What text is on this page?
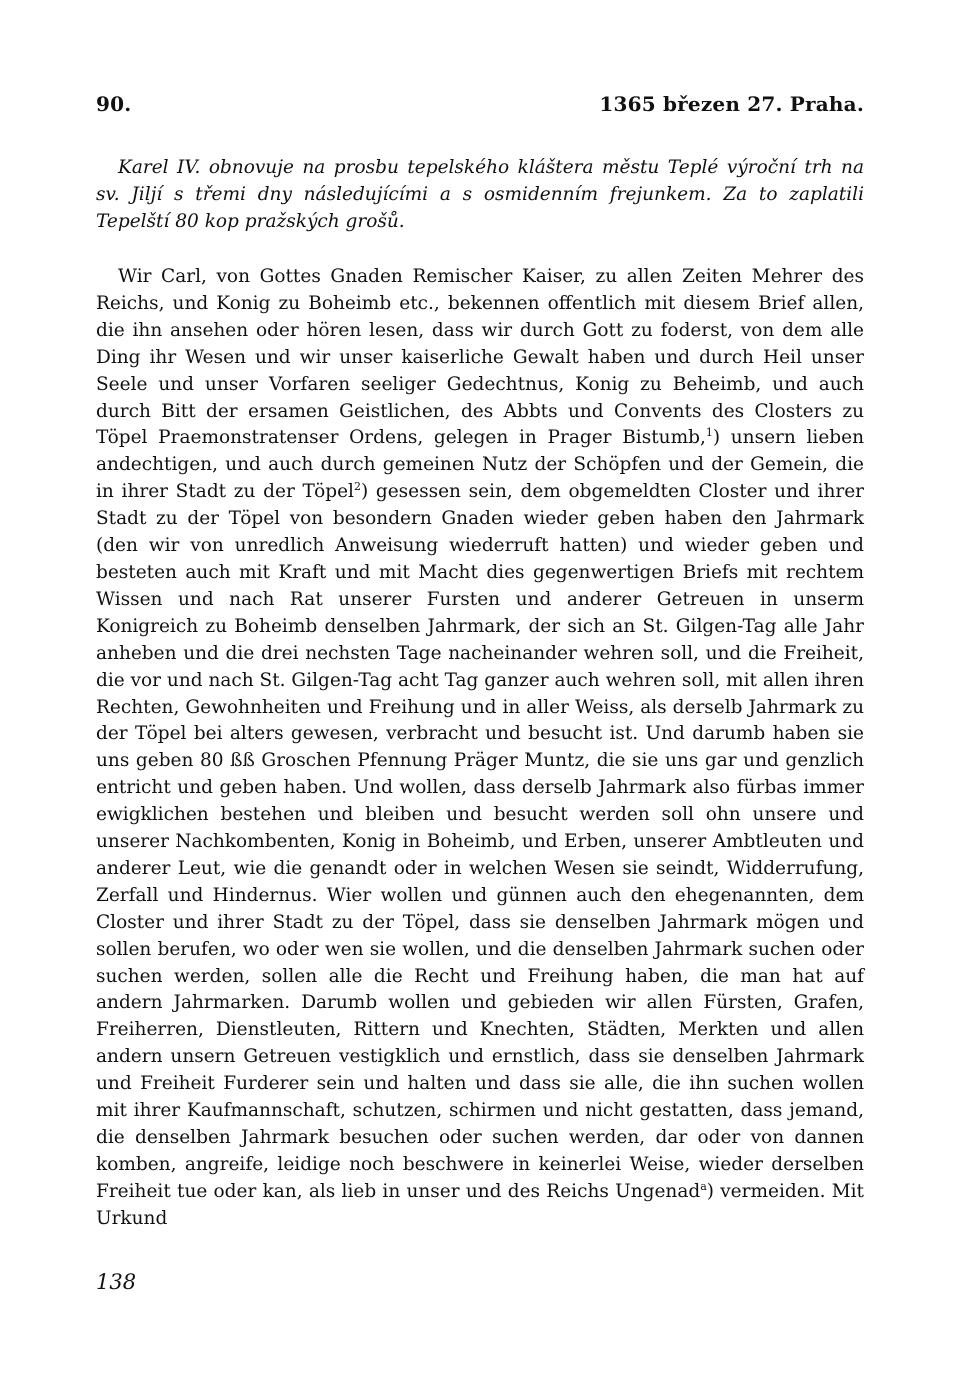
90.	1365 březen 27. Praha.

Karel IV. obnovuje na prosbu tepelského kláštera městu Teplé výroční trh na sv. Jiljí s třemi dny následujícími a s osmidenním frejunkem. Za to zaplatili Tepelští 80 kop pražských grošů.

Wir Carl, von Gottes Gnaden Remischer Kaiser, zu allen Zeiten Mehrer des Reichs, und Konig zu Boheimb etc., bekennen offentlich mit diesem Brief allen, die ihn ansehen oder hören lesen, dass wir durch Gott zu foderst, von dem alle Ding ihr Wesen und wir unser kaiserliche Gewalt haben und durch Heil unser Seele und unser Vorfaren seeliger Gedechtnus, Konig zu Beheimb, und auch durch Bitt der ersamen Geistlichen, des Abbts und Convents des Closters zu Töpel Praemonstratenser Ordens, gelegen in Prager Bistumb,$^1$) unsern lieben andechtigen, und auch durch gemeinen Nutz der Schöpfen und der Gemein, die in ihrer Stadt zu der Töpel$^2$) gesessen sein, dem obgemeldten Closter und ihrer Stadt zu der Töpel von besondern Gnaden wieder geben haben den Jahrmark (den wir von unredlich Anweisung wiederruft hatten) und wieder geben und besteten auch mit Kraft und mit Macht dies gegenwertigen Briefs mit rechtem Wissen und nach Rat unserer Fursten und anderer Getreuen in unserm Konigreich zu Boheimb denselben Jahrmark, der sich an St. Gilgen-Tag alle Jahr anheben und die drei nechsten Tage nacheinander wehren soll, und die Freiheit, die vor und nach St. Gilgen-Tag acht Tag ganzer auch wehren soll, mit allen ihren Rechten, Gewohnheiten und Freihung und in aller Weiss, als derselb Jahrmark zu der Töpel bei alters gewesen, verbracht und besucht ist. Und darumb haben sie uns geben 80 ßß Groschen Pfennung Präger Muntz, die sie uns gar und genzlich entricht und geben haben. Und wollen, dass derselb Jahrmark also fürbas immer ewigklichen bestehen und bleiben und besucht werden soll ohn unsere und unserer Nachkombenten, Konig in Boheimb, und Erben, unserer Ambtleuten und anderer Leut, wie die genandt oder in welchen Wesen sie seindt, Widderrufung, Zerfall und Hindernus. Wier wollen und günnen auch den ehegenannten, dem Closter und ihrer Stadt zu der Töpel, dass sie denselben Jahrmark mögen und sollen berufen, wo oder wen sie wollen, und die denselben Jahrmark suchen oder suchen werden, sollen alle die Recht und Freihung haben, die man hat auf andern Jahrmarken. Darumb wollen und gebieden wir allen Fürsten, Grafen, Freiherren, Dienstleuten, Rittern und Knechten, Städten, Merkten und allen andern unsern Getreuen vestigklich und ernstlich, dass sie denselben Jahrmark und Freiheit Furderer sein und halten und dass sie alle, die ihn suchen wollen mit ihrer Kaufmannschaft, schutzen, schirmen und nicht gestatten, dass jemand, die denselben Jahrmark besuchen oder suchen werden, dar oder von dannen komben, angreife, leidige noch beschwere in keinerlei Weise, wieder derselben Freiheit tue oder kan, als lieb in unser und des Reichs Ungenad$^a$) vermeiden. Mit Urkund

138
